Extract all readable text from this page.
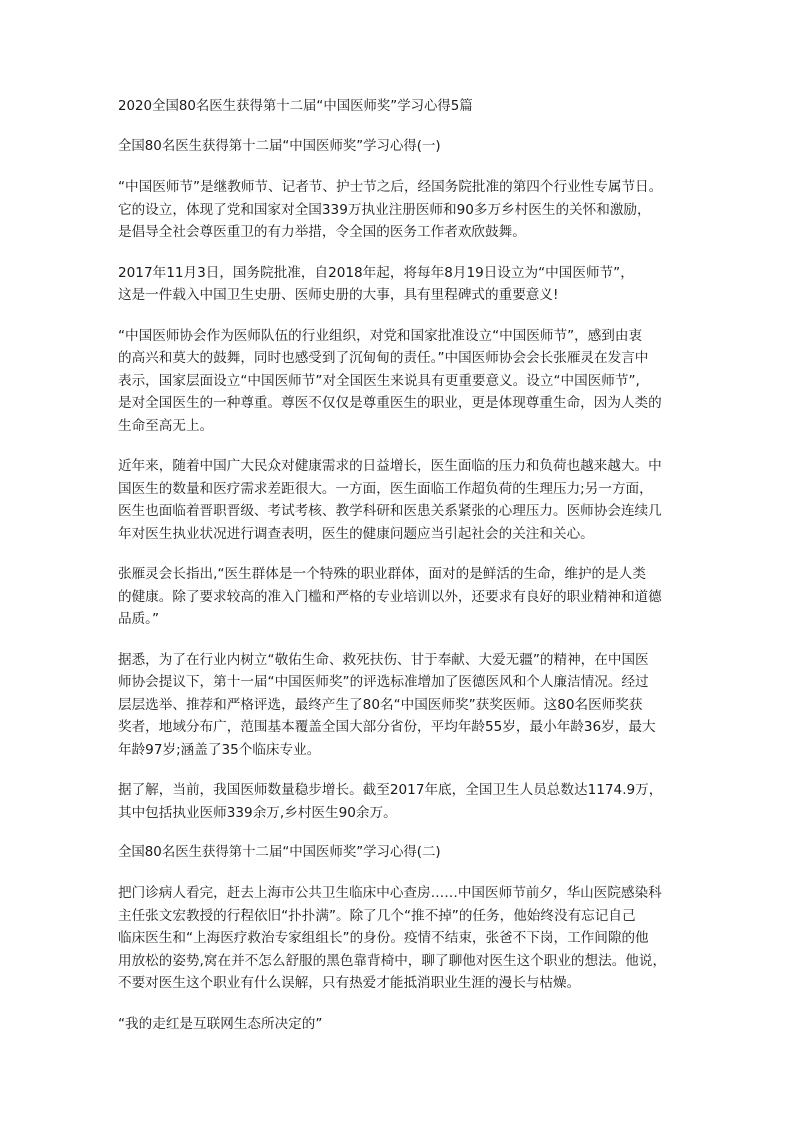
2020全国80名医生获得第十二届“中国医师奖”学习心得5篇

全国80名医生获得第十二届“中国医师奖”学习心得(一)

“中国医师节”是继教师节、记者节、护士节之后，经国务院批准的第四个行业性专属节日。

它的设立，体现了党和国家对全国339万执业注册医师和90多万乡村医生的关怀和激励，

是倡导全社会尊医重卫的有力举措，令全国的医务工作者欢欣鼓舞。

2017年11月3日，国务院批准，自2018年起，将每年8月19日设立为“中国医师节”，

这是一件载入中国卫生史册、医师史册的大事，具有里程碑式的重要意义!

“中国医师协会作为医师队伍的行业组织，对党和国家批准设立“中国医师节”，感到由衷

的高兴和莫大的鼓舞，同时也感受到了沉甸甸的责任。”中国医师协会会长张雁灵在发言中

表示，国家层面设立“中国医师节”对全国医生来说具有更重要意义。设立“中国医师节”,

是对全国医生的一种尊重。尊医不仅仅是尊重医生的职业，更是体现尊重生命，因为人类的

生命至高无上。

近年来，随着中国广大民众对健康需求的日益增长，医生面临的压力和负荷也越来越大。中

国医生的数量和医疗需求差距很大。一方面，医生面临工作超负荷的生理压力;另一方面，

医生也面临着晋职晋级、考试考核、教学科研和医患关系紧张的心理压力。医师协会连续几

年对医生执业状况进行调查表明，医生的健康问题应当引起社会的关注和关心。

张雁灵会长指出,“医生群体是一个特殊的职业群体，面对的是鲜活的生命，维护的是人类

的健康。除了要求较高的准入门槛和严格的专业培训以外，还要求有良好的职业精神和道德

品质。”

据悉，为了在行业内树立“敬佑生命、救死扶伤、甘于奉献、大爱无疆”的精神，在中国医

师协会提议下，第十一届“中国医师奖”的评选标准增加了医德医风和个人廉洁情况。经过

层层选举、推荐和严格评选，最终产生了80名“中国医师奖”获奖医师。这80名医师奖获

奖者，地域分布广，范围基本覆盖全国大部分省份，平均年龄55岁，最小年龄36岁，最大

年龄97岁;涵盖了35个临床专业。

据了解，当前，我国医师数量稳步增长。截至2017年底，全国卫生人员总数达1174.9万，

其中包括执业医师339余万,乡村医生90余万。

全国80名医生获得第十二届“中国医师奖”学习心得(二)

把门诊病人看完，赶去上海市公共卫生临床中心查房……中国医师节前夕，华山医院感染科

主任张文宏教授的行程依旧“扑扑满”。除了几个“推不掉”的任务，他始终没有忘记自己

临床医生和“上海医疗救治专家组组长”的身份。疫情不结束，张爸不下岗，工作间隙的他

用放松的姿势,窝在并不怎么舒服的黑色靠背椅中，聊了聊他对医生这个职业的想法。他说，

不要对医生这个职业有什么误解，只有热爱才能抵消职业生涯的漫长与枯燥。

“我的走红是互联网生态所决定的”
